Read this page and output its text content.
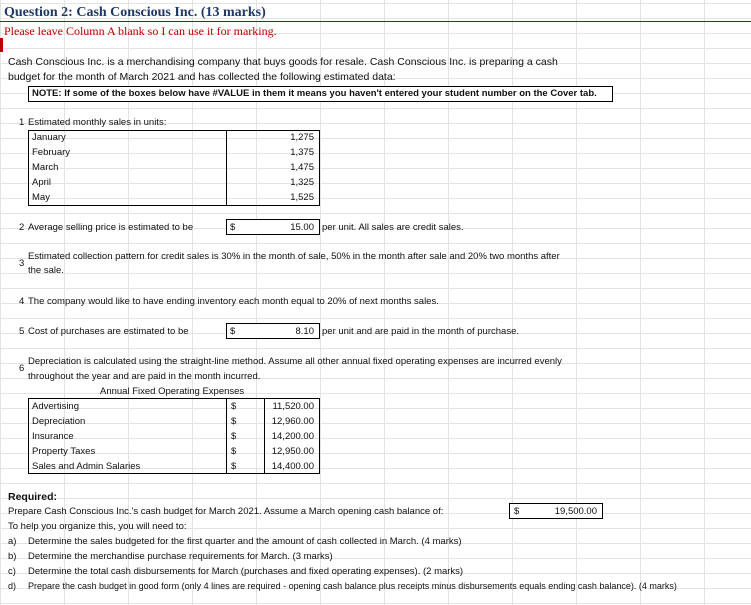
Question 2: Cash Conscious Inc. (13 marks)
Please leave Column A blank so I can use it for marking.
Cash Conscious Inc. is a merchandising company that buys goods for resale. Cash Conscious Inc. is preparing a cash
budget for the month of March 2021 and has collected the following estimated data:
NOTE: If some of the boxes below have #VALUE in them it means you haven't entered your student number on the Cover tab.
1 Estimated monthly sales in units:
January	1,275
February	1,375
March	1,475
April	1,325
May	1,525
2 Average selling price is estimated to be	$	15.00 per unit. All sales are credit sales.
Estimated collection pattern for credit sales is 30% in the month of sale, 50% in the month after sale and 20% two months after
3
the sale.
4 The company would like to have ending inventory each month equal to 20% of next months sales.
5 Cost of purchases are estimated to be	$	8.10 per unit and are paid in the month of purchase.
Depreciation is calculated using the straight-line method. Assume all other annual fixed operating expenses are incurred evenly
6
throughout the year and are paid in the month incurred.
Annual Fixed Operating Expenses
Advertising	$	11,520.00
Depreciation	$	12,960.00
Insurance	$	14,200.00
Property Taxes	$	12,950.00
Sales and Admin Salaries	$	14,400.00
Required:
Prepare Cash Conscious Inc.'s cash budget for March 2021. Assume a March opening cash balance of:	$	19,500.00
To help you organize this, you will need to:
a) Determine the sales budgeted for the first quarter and the amount of cash collected in March. (4 marks)
b) Determine the merchandise purchase requirements for March. (3 marks)
c) Determine the total cash disbursements for March (purchases and fixed operating expenses). (2 marks)
d) Prepare the cash budget in good form (only 4 lines are required - opening cash balance plus receipts minus disbursements equals ending cash balance). (4 marks)
